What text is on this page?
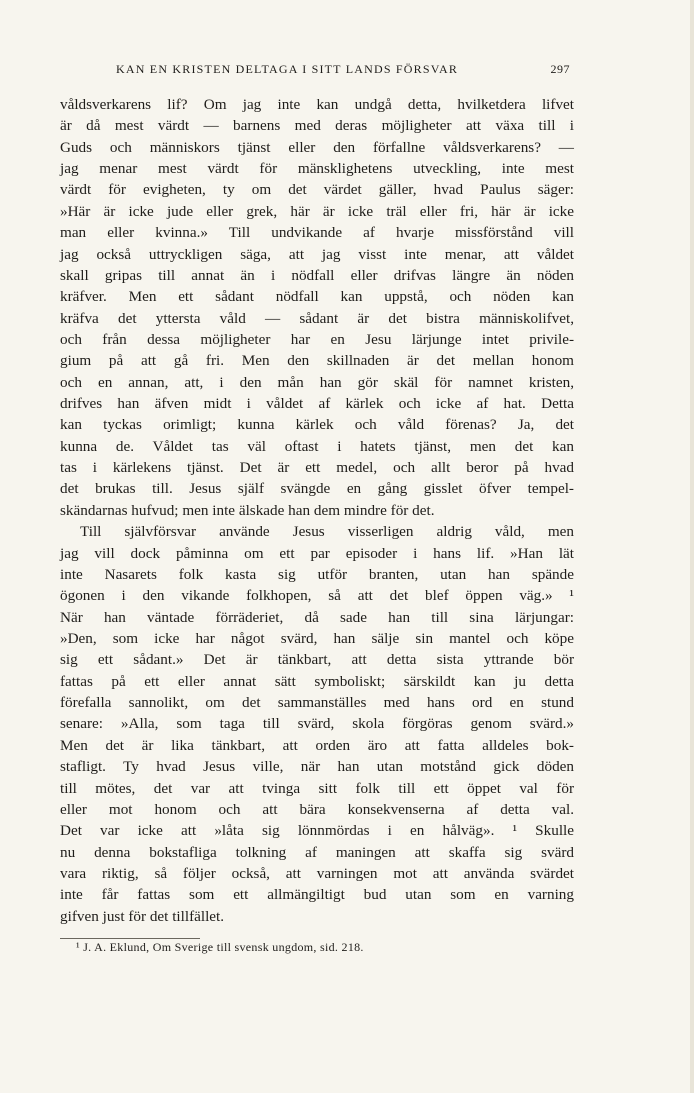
KAN EN KRISTEN DELTAGA I SITT LANDS FÖRSVAR	297
våldsverkarens lif? Om jag inte kan undgå detta, hvilketdera lifvet
är då mest värdt — barnens med deras möjligheter att växa till i
Guds och människors tjänst eller den förfallne våldsverkarens? —
jag menar mest värdt för mänsklighetens utveckling, inte mest
värdt för evigheten, ty om det värdet gäller, hvad Paulus säger:
»Här är icke jude eller grek, här är icke träl eller fri, här är icke
man eller kvinna.» Till undvikande af hvarje missförstånd vill
jag också uttryckligen säga, att jag visst inte menar, att våldet
skall gripas till annat än i nödfall eller drifvas längre än nöden
kräfver. Men ett sådant nödfall kan uppstå, och nöden kan
kräfva det yttersta våld — sådant är det bistra människolifvet,
och från dessa möjligheter har en Jesu lärjunge intet privile-
gium på att gå fri. Men den skillnaden är det mellan honom
och en annan, att, i den mån han gör skäl för namnet kristen,
drifves han äfven midt i våldet af kärlek och icke af hat. Detta
kan tyckas orimligt; kunna kärlek och våld förenas? Ja, det
kunna de. Våldet tas väl oftast i hatets tjänst, men det kan
tas i kärlekens tjänst. Det är ett medel, och allt beror på hvad
det brukas till. Jesus själf svängde en gång gisslet öfver tempel-
skändarnas hufvud; men inte älskade han dem mindre för det.
Till självförsvar använde Jesus visserligen aldrig våld, men
jag vill dock påminna om ett par episoder i hans lif. »Han lät
inte Nasarets folk kasta sig utför branten, utan han spände
ögonen i den vikande folkhopen, så att det blef öppen väg.» ¹
När han väntade förräderiet, då sade han till sina lärjungar:
»Den, som icke har något svärd, han sälje sin mantel och köpe
sig ett sådant.» Det är tänkbart, att detta sista yttrande bör
fattas på ett eller annat sätt symboliskt; särskildt kan ju detta
förefalla sannolikt, om det sammanställes med hans ord en stund
senare: »Alla, som taga till svärd, skola förgöras genom svärd.»
Men det är lika tänkbart, att orden äro att fatta alldeles bok-
stafligt. Ty hvad Jesus ville, när han utan motstånd gick döden
till mötes, det var att tvinga sitt folk till ett öppet val för
eller mot honom och att bära konsekvenserna af detta val.
Det var icke att »låta sig lönnmördas i en hålväg». ¹ Skulle
nu denna bokstafliga tolkning af maningen att skaffa sig svärd
vara riktig, så följer också, att varningen mot att använda svärdet
inte får fattas som ett allmängiltigt bud utan som en varning
gifven just för det tillfället.
¹ J. A. Eklund, Om Sverige till svensk ungdom, sid. 218.
